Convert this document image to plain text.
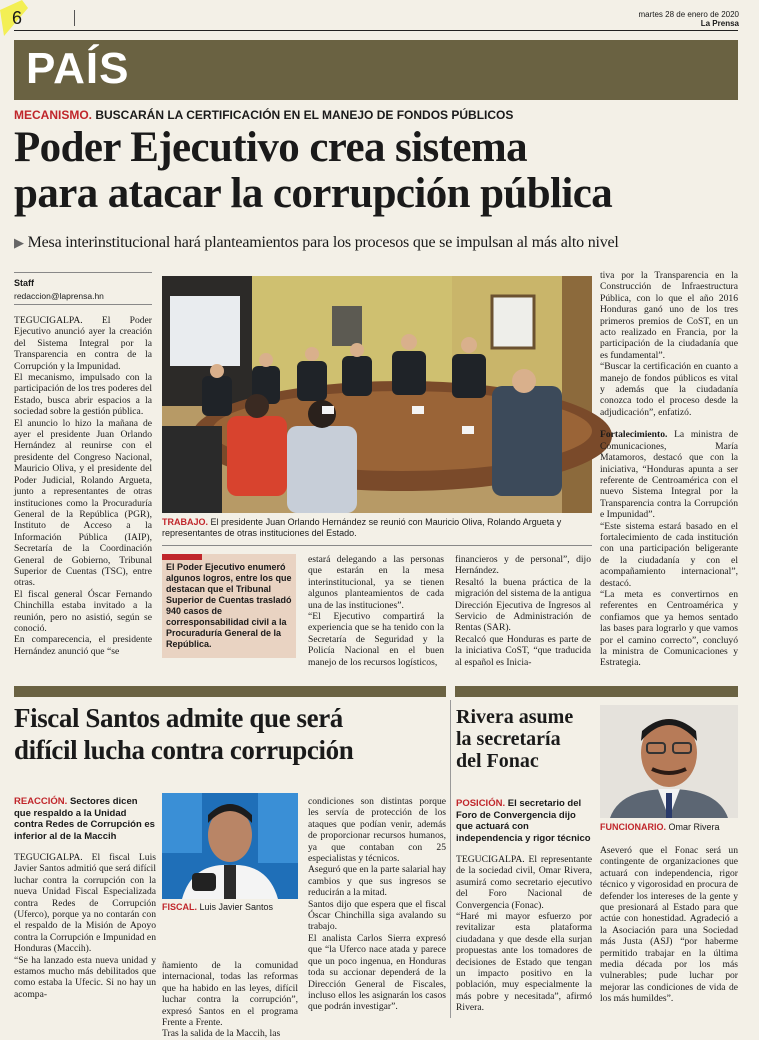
6	martes 28 de enero de 2020
La Prensa
PAÍS
MECANISMO. BUSCARÁN LA CERTIFICACIÓN EN EL MANEJO DE FONDOS PÚBLICOS
Poder Ejecutivo crea sistema
para atacar la corrupción pública
▶ Mesa interinstitucional hará planteamientos para los procesos que se impulsan al más alto nivel
Staff
redaccion@laprensa.hn

TEGUCIGALPA. El Poder Ejecutivo anunció ayer la creación del Sistema Integral por la Transparencia en contra de la Corrupción y la Impunidad.
El mecanismo, impulsado con la participación de los tres poderes del Estado, busca abrir espacios a la sociedad sobre la gestión pública.
El anuncio lo hizo la mañana de ayer el presidente Juan Orlando Hernández al reunirse con el presidente del Congreso Nacional, Mauricio Oliva, y el presidente del Poder Judicial, Rolando Argueta, junto a representantes de otras instituciones como la Procuraduría General de la República (PGR), Instituto de Acceso a la Información Pública (IAIP), Secretaría de la Coordinación General de Gobierno, Tribunal Superior de Cuentas (TSC), entre otras.
El fiscal general Óscar Fernando Chinchilla estaba invitado a la reunión, pero no asistió, según se conoció.
En comparecencia, el presidente Hernández anunció que “se

TRABAJO. El presidente Juan Orlando Hernández se reunió con Mauricio Oliva, Rolando Argueta y representantes de otras instituciones del Estado.
El Poder Ejecutivo enumeró algunos logros, entre los que destacan que el Tribunal Superior de Cuentas trasladó 940 casos de corresponsabilidad civil a la Procuraduría General de la República.

estará delegando a las personas que estarán en la mesa interinstitucional, ya se tienen algunos planteamientos de cada una de las instituciones”.
“El Ejecutivo compartirá la experiencia que se ha tenido con la Secretaría de Seguridad y la Policía Nacional en el buen manejo de los recursos logísticos,

financieros y de personal”, dijo Hernández.
Resaltó la buena práctica de la migración del sistema de la antigua Dirección Ejecutiva de Ingresos al Servicio de Administración de Rentas (SAR).
Recalcó que Honduras es parte de la iniciativa CoST, “que traducida al español es Inicia-

tiva por la Transparencia en la Construcción de Infraestructura Pública, con lo que el año 2016 Honduras ganó uno de los tres primeros premios de CoST, en un acto realizado en Francia, por la participación de la ciudadanía que es fundamental”.
“Buscar la certificación en cuanto a manejo de fondos públicos es vital y además que la ciudadanía conozca todo el proceso desde la adjudicación”, enfatizó.

Fortalecimiento. La ministra de Comunicaciones, María Matamoros, destacó que con la iniciativa, “Honduras apunta a ser referente de Centroamérica con el nuevo Sistema Integral por la Transparencia contra la Corrupción e Impunidad”.
“Este sistema estará basado en el fortalecimiento de cada institución con una participación beligerante de la ciudadanía y con el acompañamiento internacional”, destacó.
“La meta es convertirnos en referentes en Centroamérica y confiamos que ya hemos sentado las bases para lograrlo y que vamos por el camino correcto”, concluyó la ministra de Comunicaciones y Estrategia.

Fiscal Santos admite que será
difícil lucha contra corrupción
REACCIÓN. Sectores dicen que respaldo a la Unidad contra Redes de Corrupción es inferior al de la Maccih

TEGUCIGALPA. El fiscal Luis Javier Santos admitió que será difícil luchar contra la corrupción con la nueva Unidad Fiscal Especializada contra Redes de Corrupción (Uferco), porque ya no contarán con el respaldo de la Misión de Apoyo contra la Corrupción e Impunidad en Honduras (Maccih).
“Se ha lanzado esta nueva unidad y estamos mucho más debilitados que como estaba la Ufecic. Si no hay un acompa-

FISCAL. Luis Javier Santos

ñamiento de la comunidad internacional, todas las reformas que ha habido en las leyes, difícil luchar contra la corrupción”, expresó Santos en el programa Frente a Frente.
Tras la salida de la Maccih, las

condiciones son distintas porque les servía de protección de los ataques que podían venir, además de proporcionar recursos humanos, ya que contaban con 25 especialistas y técnicos.
Aseguró que en la parte salarial hay cambios y que sus ingresos se reducirán a la mitad.
Santos dijo que espera que el fiscal Óscar Chinchilla siga avalando su trabajo.
El analista Carlos Sierra expresó que “la Uferco nace atada y parece que un poco ingenua, en Honduras toda su accionar dependerá de la Dirección General de Fiscales, incluso ellos les asignarán los casos que podrán investigar”.

Rivera asume
la secretaría
del Fonac
POSICIÓN. El secretario del Foro de Convergencia dijo que actuará con independencia y rigor técnico

TEGUCIGALPA. El representante de la sociedad civil, Omar Rivera, asumirá como secretario ejecutivo del Foro Nacional de Convergencia (Fonac).
“Haré mi mayor esfuerzo por revitalizar esta plataforma ciudadana y que desde ella surjan propuestas ante los tomadores de decisiones de Estado que tengan un impacto positivo en la población, muy especialmente la más pobre y necesitada”, afirmó Rivera.

FUNCIONARIO. Omar Rivera

Aseveró que el Fonac será un contingente de organizaciones que actuará con independencia, rigor técnico y vigorosidad en procura de defender los intereses de la gente y que presionará al Estado para que actúe con honestidad. Agradeció a la Asociación para una Sociedad más Justa (ASJ) “por haberme permitido trabajar en la última media década por los más vulnerables; pude luchar por mejorar las condiciones de vida de los más humildes”.
